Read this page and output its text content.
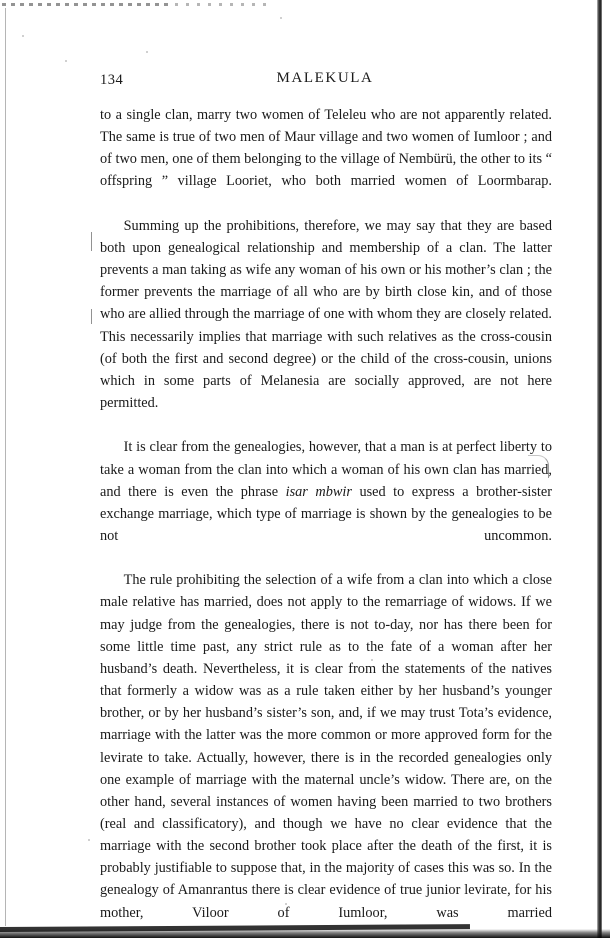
134	MALEKULA

to a single clan, marry two women of Teleleu who are not apparently related. The same is true of two men of Maur village and two women of Iumloor ; and of two men, one of them belonging to the village of Nembürü, the other to its “ offspring ” village Looriet, who both married women of Loormbarap.

Summing up the prohibitions, therefore, we may say that they are based both upon genealogical relationship and membership of a clan. The latter prevents a man taking as wife any woman of his own or his mother’s clan ; the former prevents the marriage of all who are by birth close kin, and of those who are allied through the marriage of one with whom they are closely related. This necessarily implies that marriage with such relatives as the cross-cousin (of both the first and second degree) or the child of the cross-cousin, unions which in some parts of Melanesia are socially approved, are not here permitted.

It is clear from the genealogies, however, that a man is at perfect liberty to take a woman from the clan into which a woman of his own clan has married, and there is even the phrase isar mbwir used to express a brother-sister exchange marriage, which type of marriage is shown by the genealogies to be not uncommon.

The rule prohibiting the selection of a wife from a clan into which a close male relative has married, does not apply to the remarriage of widows. If we may judge from the genealogies, there is not to-day, nor has there been for some little time past, any strict rule as to the fate of a woman after her husband’s death. Nevertheless, it is clear from the statements of the natives that formerly a widow was as a rule taken either by her husband’s younger brother, or by her husband’s sister’s son, and, if we may trust Tota’s evidence, marriage with the latter was the more common or more approved form for the levirate to take. Actually, however, there is in the recorded genealogies only one example of marriage with the maternal uncle’s widow. There are, on the other hand, several instances of women having been married to two brothers (real and classificatory), and though we have no clear evidence that the marriage with the second brother took place after the death of the first, it is probably justifiable to suppose that, in the majority of cases this was so. In the genealogy of Amanrantus there is clear evidence of true junior levirate, for his mother, Viloor of Iumloor, was married
